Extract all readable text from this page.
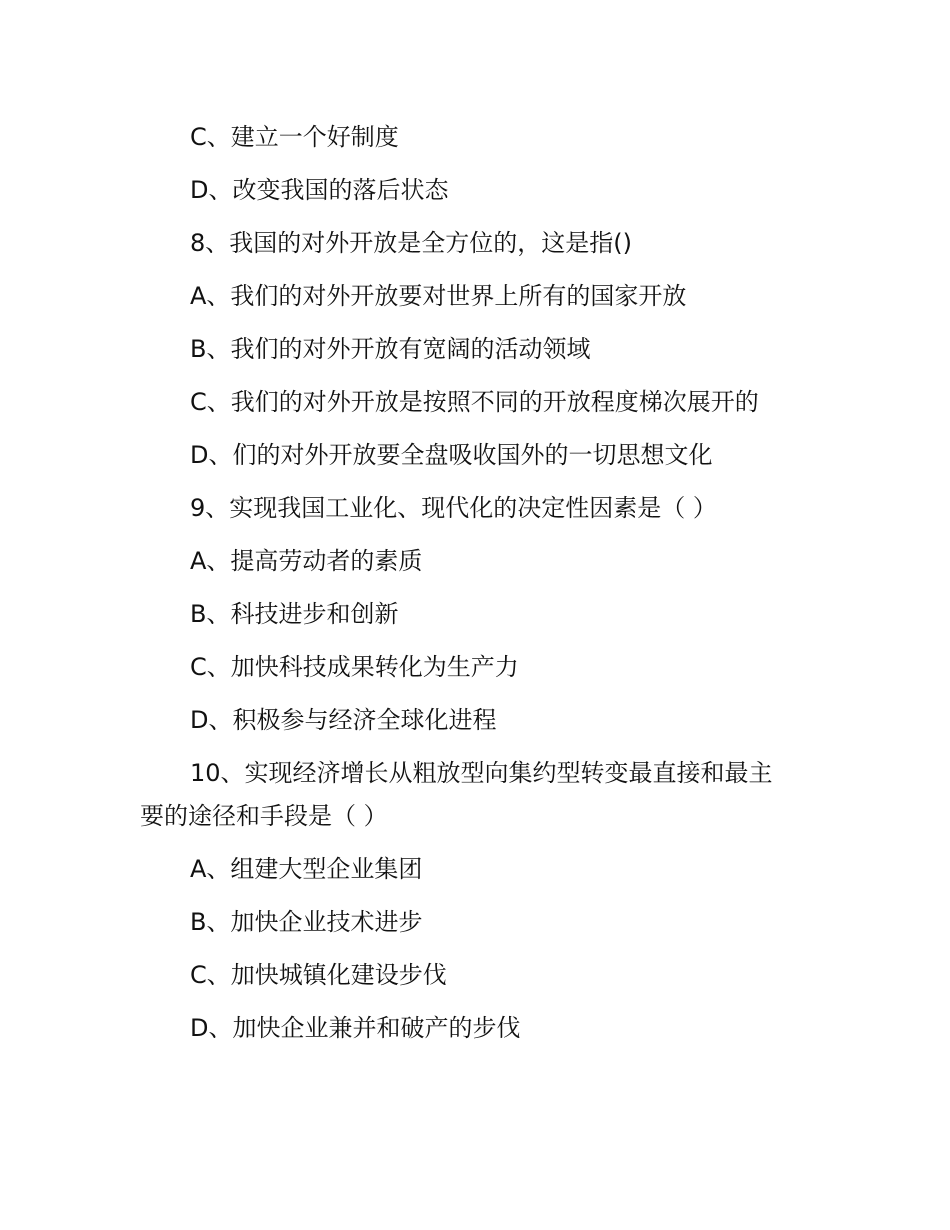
C、建立一个好制度
D、改变我国的落后状态
8、我国的对外开放是全方位的，这是指()
A、我们的对外开放要对世界上所有的国家开放
B、我们的对外开放有宽阔的活动领域
C、我们的对外开放是按照不同的开放程度梯次展开的
D、们的对外开放要全盘吸收国外的一切思想文化
9、实现我国工业化、现代化的决定性因素是（ ）
A、提高劳动者的素质
B、科技进步和创新
C、加快科技成果转化为生产力
D、积极参与经济全球化进程
10、实现经济增长从粗放型向集约型转变最直接和最主
要的途径和手段是（ ）
A、组建大型企业集团
B、加快企业技术进步
C、加快城镇化建设步伐
D、加快企业兼并和破产的步伐
